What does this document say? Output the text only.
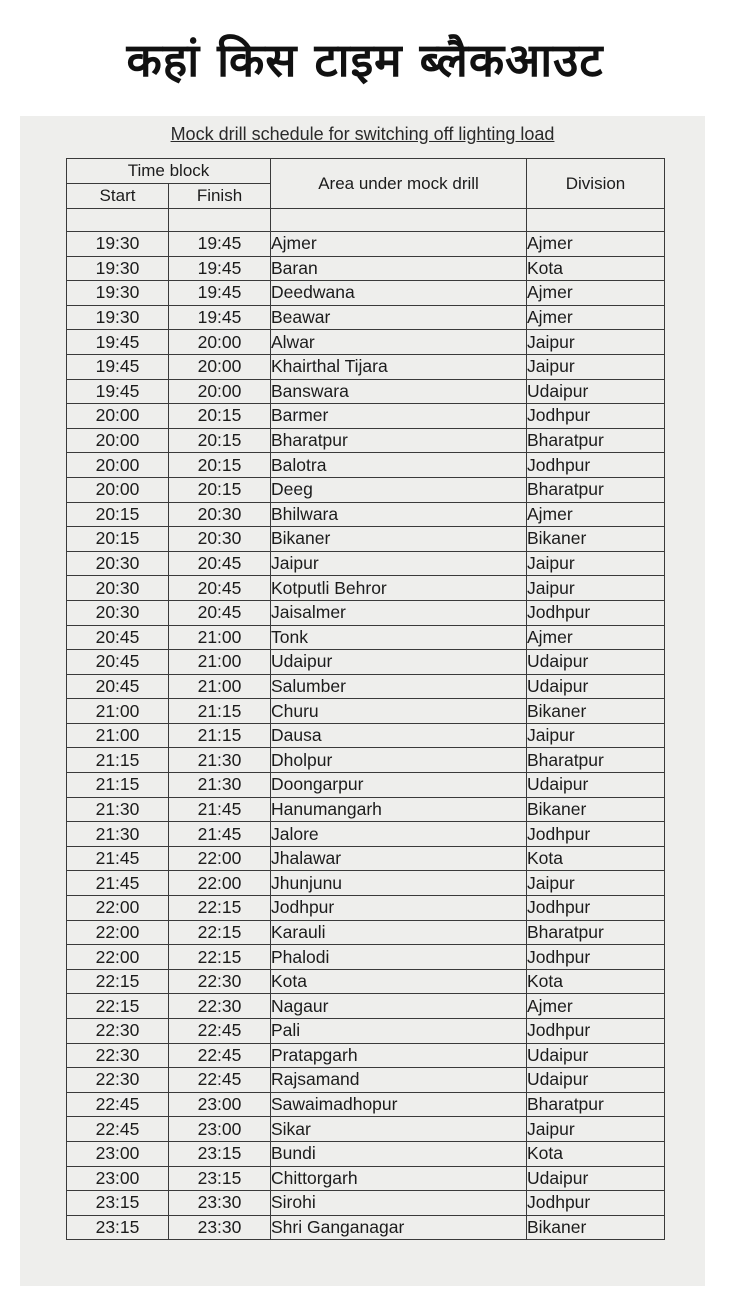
कहां किस टाइम ब्लैकआउट
Mock drill schedule for switching off lighting load
Time block		Area under mock drill	Division
Start	Finish		

19:30	19:45	Ajmer	Ajmer
19:30	19:45	Baran	Kota
19:30	19:45	Deedwana	Ajmer
19:30	19:45	Beawar	Ajmer
19:45	20:00	Alwar	Jaipur
19:45	20:00	Khairthal Tijara	Jaipur
19:45	20:00	Banswara	Udaipur
20:00	20:15	Barmer	Jodhpur
20:00	20:15	Bharatpur	Bharatpur
20:00	20:15	Balotra	Jodhpur
20:00	20:15	Deeg	Bharatpur
20:15	20:30	Bhilwara	Ajmer
20:15	20:30	Bikaner	Bikaner
20:30	20:45	Jaipur	Jaipur
20:30	20:45	Kotputli Behror	Jaipur
20:30	20:45	Jaisalmer	Jodhpur
20:45	21:00	Tonk	Ajmer
20:45	21:00	Udaipur	Udaipur
20:45	21:00	Salumber	Udaipur
21:00	21:15	Churu	Bikaner
21:00	21:15	Dausa	Jaipur
21:15	21:30	Dholpur	Bharatpur
21:15	21:30	Doongarpur	Udaipur
21:30	21:45	Hanumangarh	Bikaner
21:30	21:45	Jalore	Jodhpur
21:45	22:00	Jhalawar	Kota
21:45	22:00	Jhunjunu	Jaipur
22:00	22:15	Jodhpur	Jodhpur
22:00	22:15	Karauli	Bharatpur
22:00	22:15	Phalodi	Jodhpur
22:15	22:30	Kota	Kota
22:15	22:30	Nagaur	Ajmer
22:30	22:45	Pali	Jodhpur
22:30	22:45	Pratapgarh	Udaipur
22:30	22:45	Rajsamand	Udaipur
22:45	23:00	Sawaimadhopur	Bharatpur
22:45	23:00	Sikar	Jaipur
23:00	23:15	Bundi	Kota
23:00	23:15	Chittorgarh	Udaipur
23:15	23:30	Sirohi	Jodhpur
23:15	23:30	Shri Ganganagar	Bikaner
